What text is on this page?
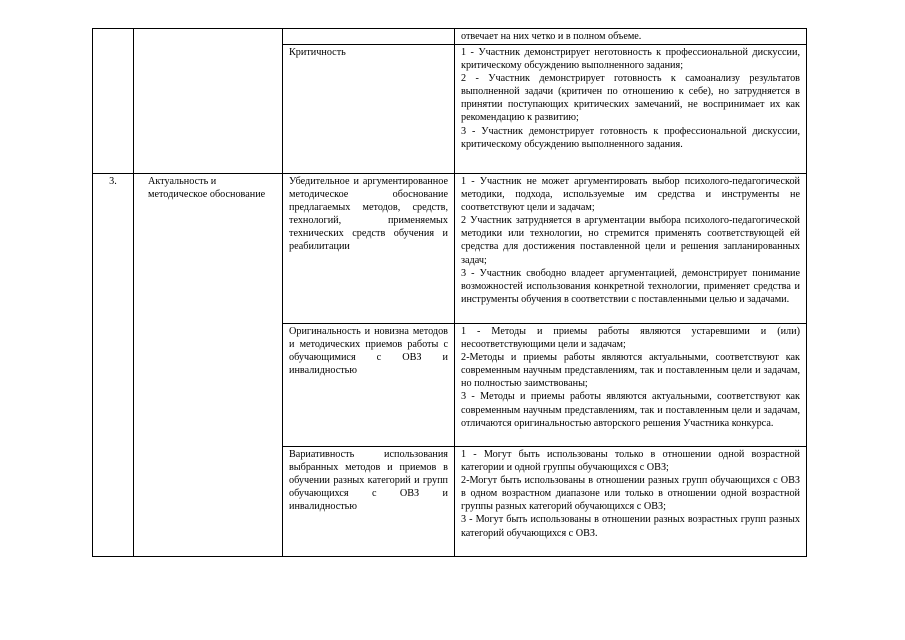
			отвечает на них четко и в полном объеме.

		Критичность	1 - Участник демонстрирует неготовность к профессиональной дискуссии, критическому обсуждению выполненного задания;
2 - Участник демонстрирует готовность к самоанализу результатов выполненной задачи (критичен по отношению к себе), но затрудняется в принятии поступающих критических замечаний, не воспринимает их как рекомендацию к развитию;
3 - Участник демонстрирует готовность к профессиональной дискуссии, критическому обсуждению выполненного задания.

3.	Актуальность и методическое обоснование	Убедительное и аргументированное методическое обоснование предлагаемых методов, средств, технологий, применяемых технических средств обучения и реабилитации	1 - Участник не может аргументировать выбор психолого-педагогической методики, подхода, используемые им средства и инструменты не соответствуют цели и задачам;
2 Участник затрудняется в аргументации выбора психолого-педагогической методики или технологии, но стремится применять соответствующей ей средства для достижения поставленной цели и решения запланированных задач;
3 - Участник свободно владеет аргументацией, демонстрирует понимание возможностей использования конкретной технологии, применяет средства и инструменты обучения в соответствии с поставленными целью и задачами.

		Оригинальность и новизна методов и методических приемов работы с обучающимися с ОВЗ и инвалидностью	1 - Методы и приемы работы являются устаревшими и (или) несоответствующими цели и задачам;
2-Методы и приемы работы являются актуальными, соответствуют как современным научным представлениям, так и поставленным цели и задачам, но полностью заимствованы;
3 - Методы и приемы работы являются актуальными, соответствуют как современным научным представлениям, так и поставленным цели и задачам, отличаются оригинальностью авторского решения Участника конкурса.

		Вариативность использования выбранных методов и приемов в обучении разных категорий и групп обучающихся с ОВЗ и инвалидностью	1 - Могут быть использованы только в отношении одной возрастной категории и одной группы обучающихся с ОВЗ;
2-Могут быть использованы в отношении разных групп обучающихся с ОВЗ в одном возрастном диапазоне или только в отношении одной возрастной группы разных категорий обучающихся с ОВЗ;
3 - Могут быть использованы в отношении разных возрастных групп разных категорий обучающихся с ОВЗ.
